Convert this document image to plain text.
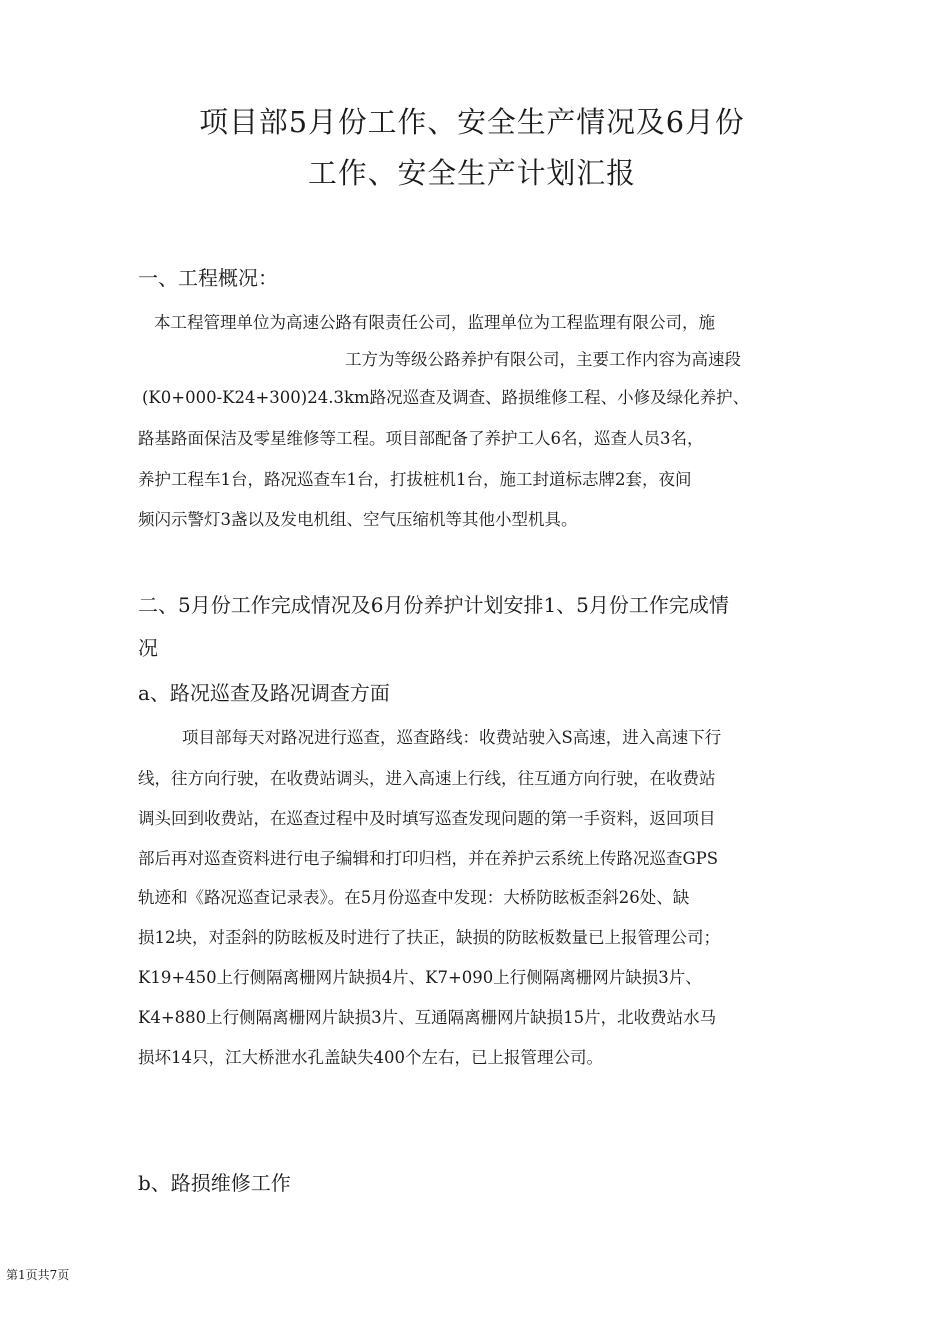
项目部5月份工作、安全生产情况及6月份
工作、安全生产计划汇报
一、工程概况：
本工程管理单位为高速公路有限责任公司，监理单位为工程监理有限公司，施
工方为等级公路养护有限公司，主要工作内容为高速段
(K0+000-K24+300)24.3km路况巡查及调查、路损维修工程、小修及绿化养护、
路基路面保洁及零星维修等工程。项目部配备了养护工人6名，巡查人员3名，
养护工程车1台，路况巡查车1台，打拔桩机1台，施工封道标志牌2套，夜间
频闪示警灯3盏以及发电机组、空气压缩机等其他小型机具。
二、5月份工作完成情况及6月份养护计划安排1、5月份工作完成情
况
a、路况巡查及路况调查方面
项目部每天对路况进行巡查，巡查路线：收费站驶入S高速，进入高速下行
线，往方向行驶，在收费站调头，进入高速上行线，往互通方向行驶，在收费站
调头回到收费站，在巡查过程中及时填写巡查发现问题的第一手资料，返回项目
部后再对巡查资料进行电子编辑和打印归档，并在养护云系统上传路况巡查GPS
轨迹和《路况巡查记录表》。在5月份巡查中发现：大桥防眩板歪斜26处、缺
损12块，对歪斜的防眩板及时进行了扶正，缺损的防眩板数量已上报管理公司；
K19+450上行侧隔离栅网片缺损4片、K7+090上行侧隔离栅网片缺损3片、
K4+880上行侧隔离栅网片缺损3片、互通隔离栅网片缺损15片，北收费站水马
损坏14只，江大桥泄水孔盖缺失400个左右，已上报管理公司。
b、路损维修工作
第1页共7页
